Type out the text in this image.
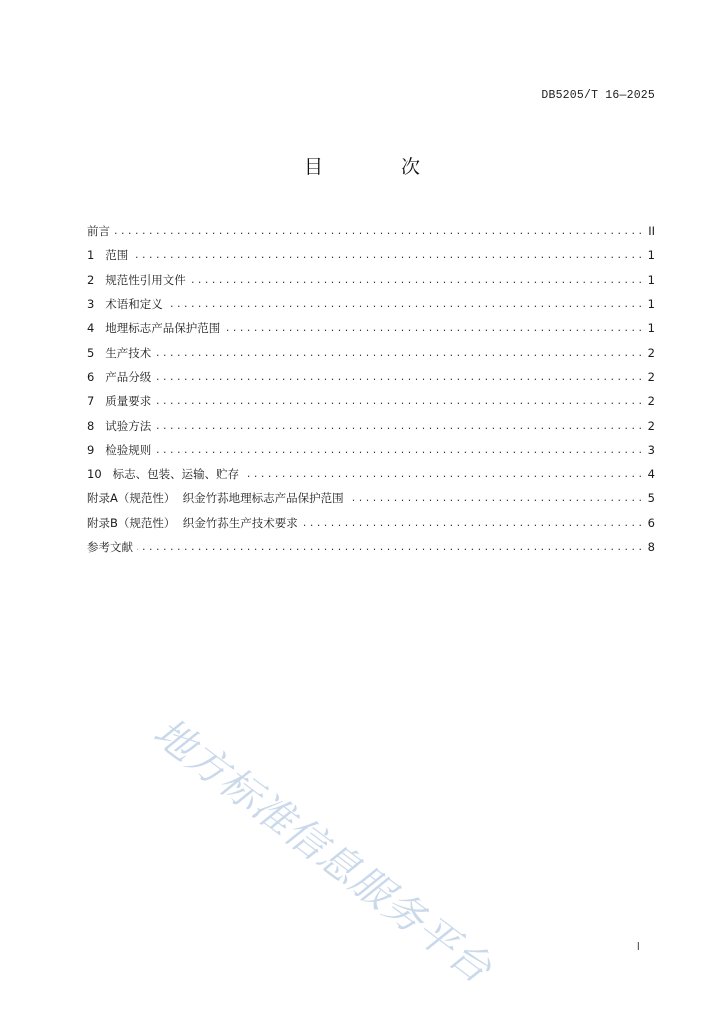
DB5205/T 16—2025
目 次
前言 . . .	II
1   范围 . . .	1
2   规范性引用文件 . . .	1
3   术语和定义 . . .	1
4   地理标志产品保护范围 . . .	1
5   生产技术 . . .	2
6   产品分级 . . .	2
7   质量要求 . . .	2
8   试验方法 . . .	2
9   检验规则 . . .	3
10   标志、包装、运输、贮存 . . .	4
附录A（规范性）  织金竹荪地理标志产品保护范围 . . .	5
附录B（规范性）  织金竹荪生产技术要求 . . .	6
参考文献 . . .	8
地方标准信息服务平台	I
